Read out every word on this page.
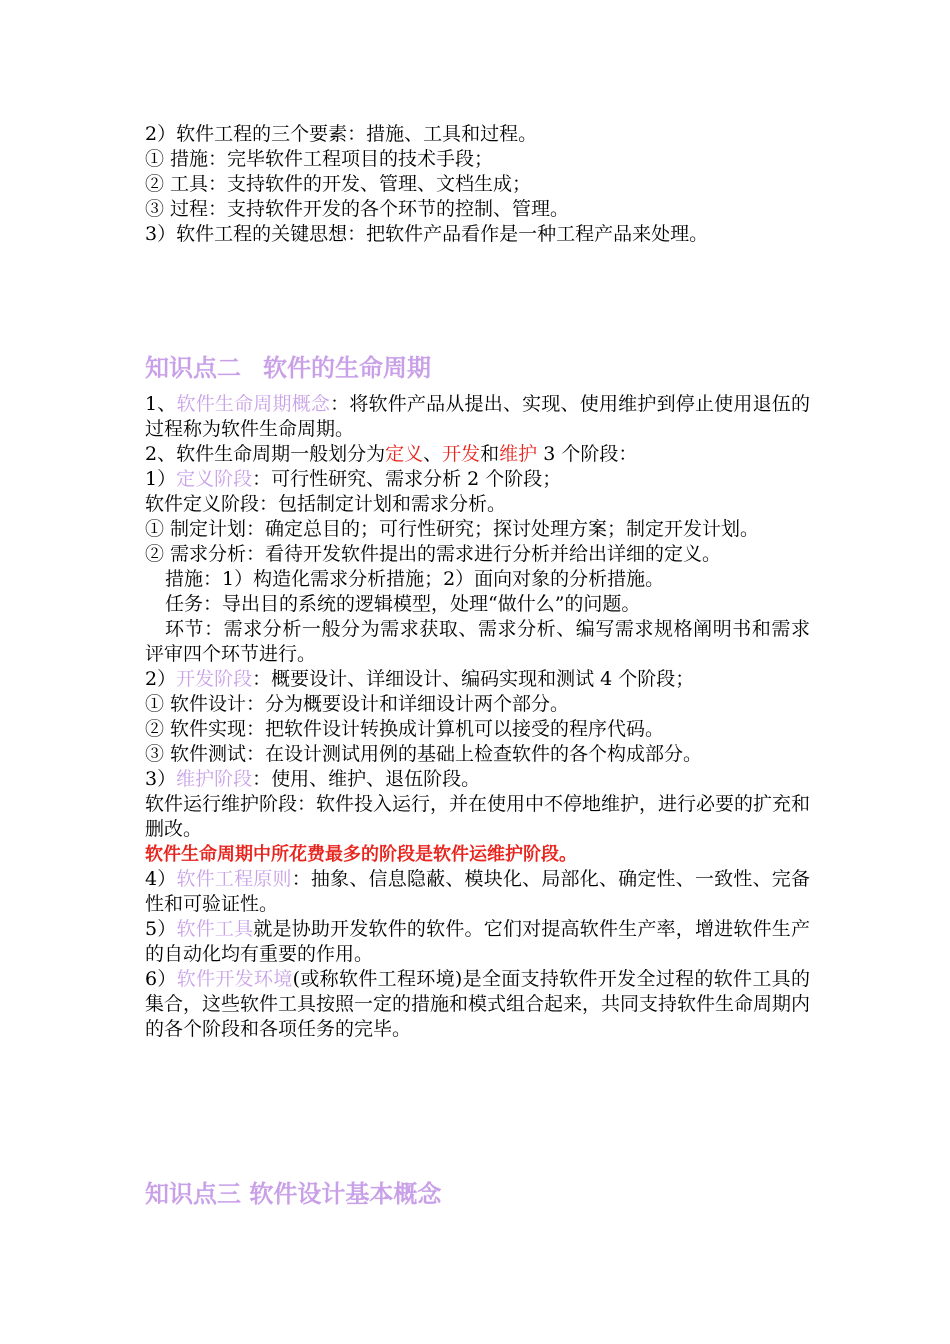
2）软件工程的三个要素：措施、工具和过程。
① 措施：完毕软件工程项目的技术手段；
② 工具：支持软件的开发、管理、文档生成；
③ 过程：支持软件开发的各个环节的控制、管理。
3）软件工程的关键思想：把软件产品看作是一种工程产品来处理。
知识点二 软件的生命周期
1、软件生命周期概念：将软件产品从提出、实现、使用维护到停止使用退伍的过程称为软件生命周期。
2、软件生命周期一般划分为定义、开发和维护 3 个阶段：
1）定义阶段：可行性研究、需求分析 2 个阶段；
软件定义阶段：包括制定计划和需求分析。
① 制定计划：确定总目的；可行性研究；探讨处理方案；制定开发计划。
② 需求分析：看待开发软件提出的需求进行分析并给出详细的定义。
措施：1）构造化需求分析措施；2）面向对象的分析措施。
任务：导出目的系统的逻辑模型，处理“做什么”的问题。
环节：需求分析一般分为需求获取、需求分析、编写需求规格阐明书和需求评审四个环节进行。
2）开发阶段：概要设计、详细设计、编码实现和测试 4 个阶段；
① 软件设计：分为概要设计和详细设计两个部分。
② 软件实现：把软件设计转换成计算机可以接受的程序代码。
③ 软件测试：在设计测试用例的基础上检查软件的各个构成部分。
3）维护阶段：使用、维护、退伍阶段。
软件运行维护阶段：软件投入运行，并在使用中不停地维护，进行必要的扩充和删改。
软件生命周期中所花费最多的阶段是软件运维护阶段。
4）软件工程原则：抽象、信息隐蔽、模块化、局部化、确定性、一致性、完备性和可验证性。
5）软件工具就是协助开发软件的软件。它们对提高软件生产率，增进软件生产的自动化均有重要的作用。
6）软件开发环境(或称软件工程环境)是全面支持软件开发全过程的软件工具的集合，这些软件工具按照一定的措施和模式组合起来，共同支持软件生命周期内的各个阶段和各项任务的完毕。
知识点三 软件设计基本概念
